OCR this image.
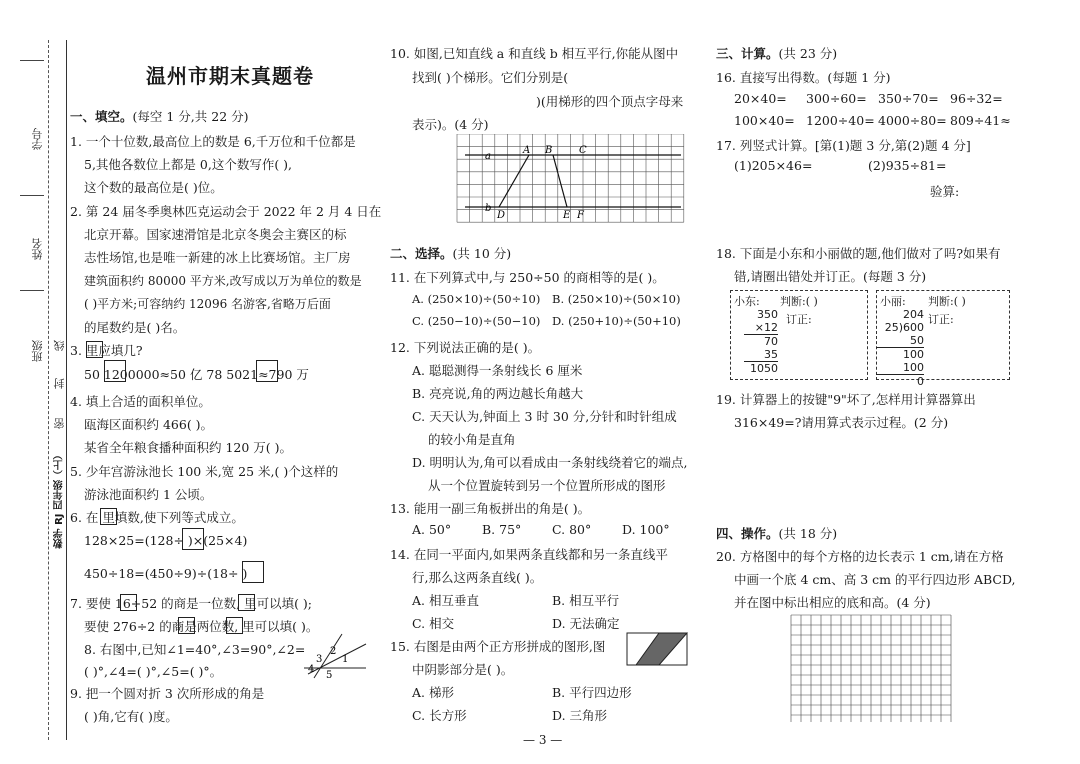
学号
姓名
班级 线
封
密
数学 RJ 四年级（上）
温州市期末真题卷
一、填空。(每空 1 分,共 22 分)
1. 一个十位数,最高位上的数是 6,千万位和千位都是
5,其他各数位上都是 0,这个数写作( ),
这个数的最高位是( )位。
2. 第 24 届冬季奥林匹克运动会于 2022 年 2 月 4 日在
北京开幕。国家速滑馆是北京冬奥会主赛区的标
志性场馆,也是唯一新建的冰上比赛场馆。主厂房
建筑面积约 80000 平方米,改写成以万为单位的数是
( )平方米;可容纳约 12096 名游客,省略万后面
的尾数约是( )名。
3. 里应填几?
50 1200000≈50 亿 78 5021≈790 万
4. 填上合适的面积单位。
瓯海区面积约 466( )。
某省全年粮食播种面积约 120 万( )。
5. 少年宫游泳池长 100 米,宽 25 米,( )个这样的
游泳池面积约 1 公顷。
6. 在 里填数,使下列等式成立。
128×25=(128÷ )×(25×4)
450÷18=(450÷9)÷(18÷ )
7. 要使 16÷52 的商是一位数, 里可以填( );
要使 276÷2 的商是两位数, 里可以填( )。
8. 右图中,已知∠1=40°,∠3=90°,∠2=
( )°,∠4=( )°,∠5=( )°。
2
1
3
4
5
9. 把一个圆对折 3 次所形成的角是
( )角,它有( )度。
10. 如图,已知直线 a 和直线 b 相互平行,你能从图中
找到( )个梯形。它们分别是(
)(用梯形的四个顶点字母来
表示)。(4 分)
a
b
A B	C
D	E F
二、选择。(共 10 分)
11. 在下列算式中,与 250÷50 的商相等的是( )。
A. (250×10)÷(50÷10) B. (250×10)÷(50×10)
C. (250−10)÷(50−10) D. (250+10)÷(50+10)
12. 下列说法正确的是( )。
A. 聪聪测得一条射线长 6 厘米
B. 亮亮说,角的两边越长角越大
C. 天天认为,钟面上 3 时 30 分,分针和时针组成
的较小角是直角
D. 明明认为,角可以看成由一条射线绕着它的端点,
从一个位置旋转到另一个位置所形成的图形
13. 能用一副三角板拼出的角是( )。
A. 50° B. 75° C. 80° D. 100°
14. 在同一平面内,如果两条直线都和另一条直线平
行,那么这两条直线( )。
A. 相互垂直	B. 相互平行
C. 相交	D. 无法确定
15. 右图是由两个正方形拼成的图形,图
中阴影部分是( )。
A. 梯形	B. 平行四边形
C. 长方形	D. 三角形
— 3 —
三、计算。(共 23 分)
16. 直接写出得数。(每题 1 分)
20×40= 300÷60= 350÷70= 96÷32=
100×40= 1200÷40= 4000÷80= 809÷41≈
17. 列竖式计算。[第(1)题 3 分,第(2)题 4 分]
(1)205×46=	(2)935÷81=
验算:
18. 下面是小东和小丽做的题,他们做对了吗?如果有
错,请圈出错处并订正。(每题 3 分)
小东: 判断:( )
订正:
350
×12
70
35
1050
小丽: 判断:( )
订正:
204
25)600
50
100
100
0
19. 计算器上的按键"9"坏了,怎样用计算器算出
316×49=?请用算式表示过程。(2 分)
四、操作。(共 18 分)
20. 方格图中的每个方格的边长表示 1 cm,请在方格
中画一个底 4 cm、高 3 cm 的平行四边形 ABCD,
并在图中标出相应的底和高。(4 分)
